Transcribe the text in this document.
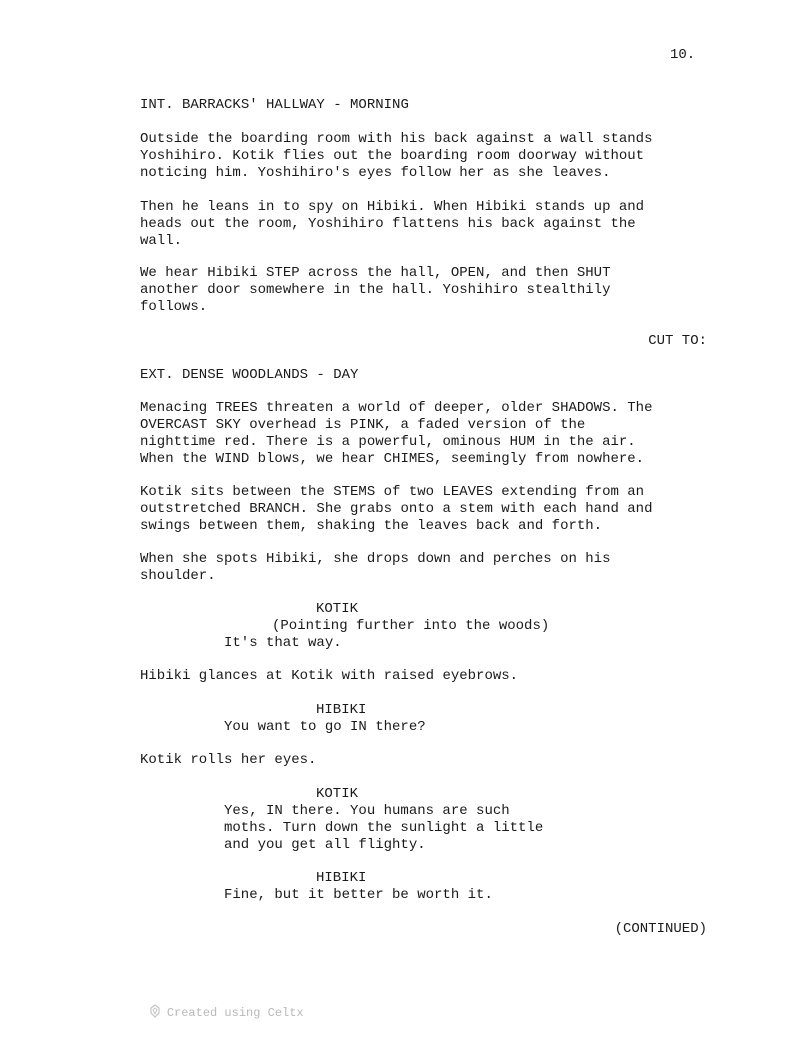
10.
INT. BARRACKS' HALLWAY - MORNING
Outside the boarding room with his back against a wall stands
Yoshihiro. Kotik flies out the boarding room doorway without
noticing him. Yoshihiro's eyes follow her as she leaves.
Then he leans in to spy on Hibiki. When Hibiki stands up and
heads out the room, Yoshihiro flattens his back against the
wall.
We hear Hibiki STEP across the hall, OPEN, and then SHUT
another door somewhere in the hall. Yoshihiro stealthily
follows.
CUT TO:
EXT. DENSE WOODLANDS - DAY
Menacing TREES threaten a world of deeper, older SHADOWS. The
OVERCAST SKY overhead is PINK, a faded version of the
nighttime red. There is a powerful, ominous HUM in the air.
When the WIND blows, we hear CHIMES, seemingly from nowhere.
Kotik sits between the STEMS of two LEAVES extending from an
outstretched BRANCH. She grabs onto a stem with each hand and
swings between them, shaking the leaves back and forth.
When she spots Hibiki, she drops down and perches on his
shoulder.
KOTIK
(Pointing further into the woods)
It's that way.
Hibiki glances at Kotik with raised eyebrows.
HIBIKI
You want to go IN there?
Kotik rolls her eyes.
KOTIK
Yes, IN there. You humans are such
moths. Turn down the sunlight a little
and you get all flighty.
HIBIKI
Fine, but it better be worth it.
(CONTINUED)

Created using Celtx
